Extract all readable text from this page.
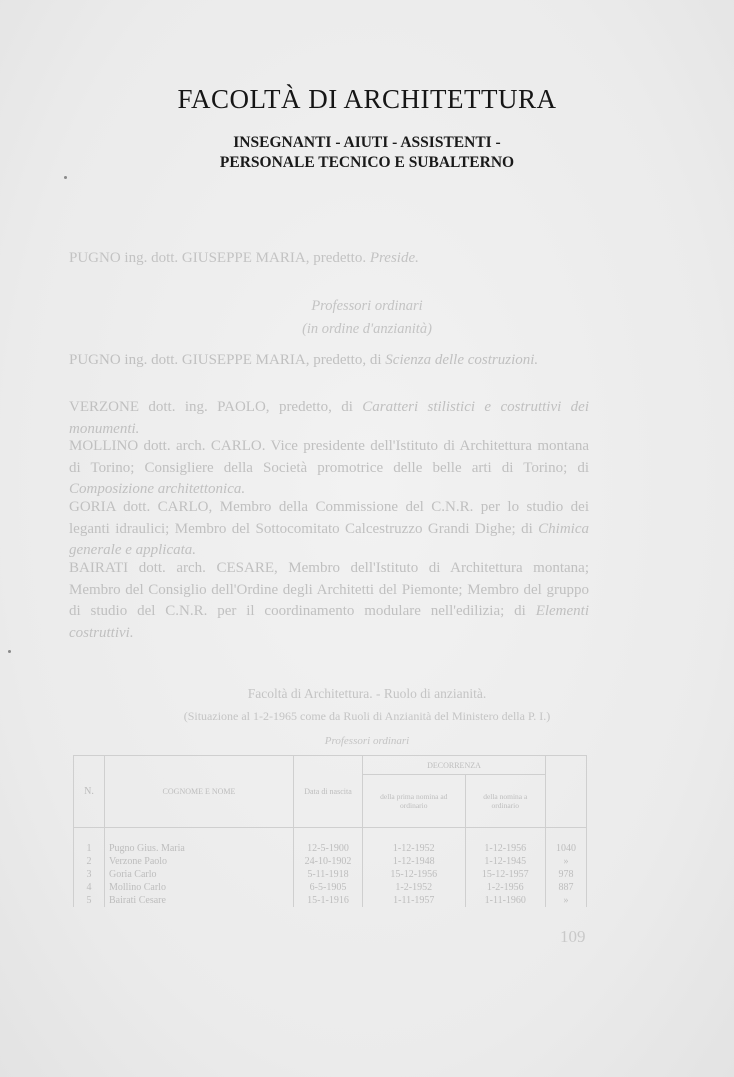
FACOLTÀ DI ARCHITETTURA
INSEGNANTI - AIUTI - ASSISTENTI -
PERSONALE TECNICO E SUBALTERNO
PUGNO ing. dott. GIUSEPPE MARIA, predetto. Preside.
Professori ordinari
(in ordine d'anzianità)
PUGNO ing. dott. GIUSEPPE MARIA, predetto, di Scienza delle costruzioni.
VERZONE dott. ing. PAOLO, predetto, di Caratteri stilistici e costruttivi dei monumenti.
MOLLINO dott. arch. CARLO. Vice presidente dell'Istituto di Architettura montana di Torino; Consigliere della Società promotrice delle belle arti di Torino; di Composizione architettonica.
GORIA dott. CARLO, Membro della Commissione del C.N.R. per lo studio dei leganti idraulici; Membro del Sottocomitato Calcestruzzo Grandi Dighe; di Chimica generale e applicata.
BAIRATI dott. arch. CESARE, Membro dell'Istituto di Architettura montana; Membro del Consiglio dell'Ordine degli Architetti del Piemonte; Membro del gruppo di studio del C.N.R. per il coordinamento modulare nell'edilizia; di Elementi costruttivi.
Facoltà di Architettura. - Ruolo di anzianità.
(Situazione al 1-2-1965 come da Ruoli di Anzianità del Ministero della P. I.)
Professori ordinari
N.	COGNOME E NOME	Data di nascita	DECORRENZA		
			della prima nomina ad ordinario	della nomina a ordinario	
1	Pugno Gius. Maria	12-5-1900	1-12-1952	1-12-1956	1040
2	Verzone Paolo	24-10-1902	1-12-1948	1-12-1945	»
3	Goria Carlo	5-11-1918	15-12-1956	15-12-1957	978
4	Mollino Carlo	6-5-1905	1-2-1952	1-2-1956	887
5	Bairati Cesare	15-1-1916	1-11-1957	1-11-1960	»
109
